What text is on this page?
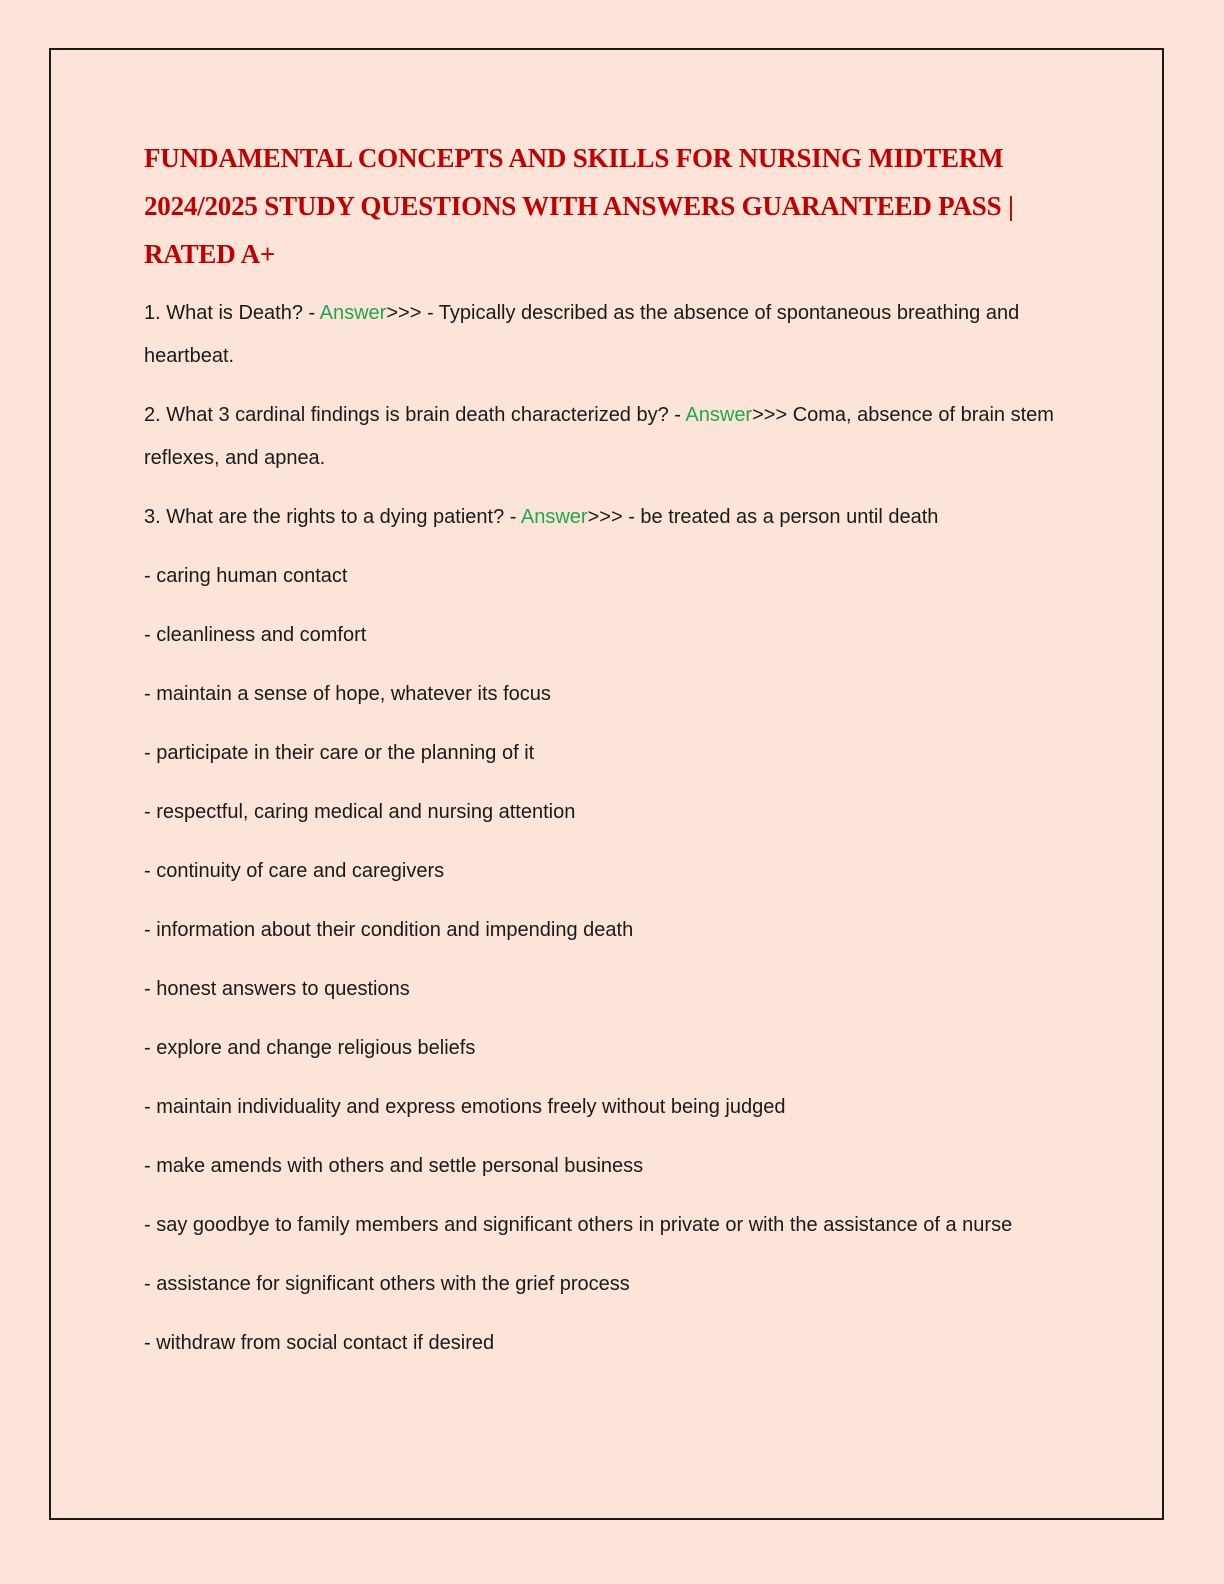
FUNDAMENTAL CONCEPTS AND SKILLS FOR NURSING MIDTERM 2024/2025 STUDY QUESTIONS WITH ANSWERS GUARANTEED PASS | RATED A+

1. What is Death? - Answer>>> - Typically described as the absence of spontaneous breathing and heartbeat.

2. What 3 cardinal findings is brain death characterized by? - Answer>>> Coma, absence of brain stem reflexes, and apnea.

3. What are the rights to a dying patient? - Answer>>> - be treated as a person until death

- caring human contact

- cleanliness and comfort

- maintain a sense of hope, whatever its focus

- participate in their care or the planning of it

- respectful, caring medical and nursing attention

- continuity of care and caregivers

- information about their condition and impending death

- honest answers to questions

- explore and change religious beliefs

- maintain individuality and express emotions freely without being judged

- make amends with others and settle personal business

- say goodbye to family members and significant others in private or with the assistance of a nurse

- assistance for significant others with the grief process

- withdraw from social contact if desired
